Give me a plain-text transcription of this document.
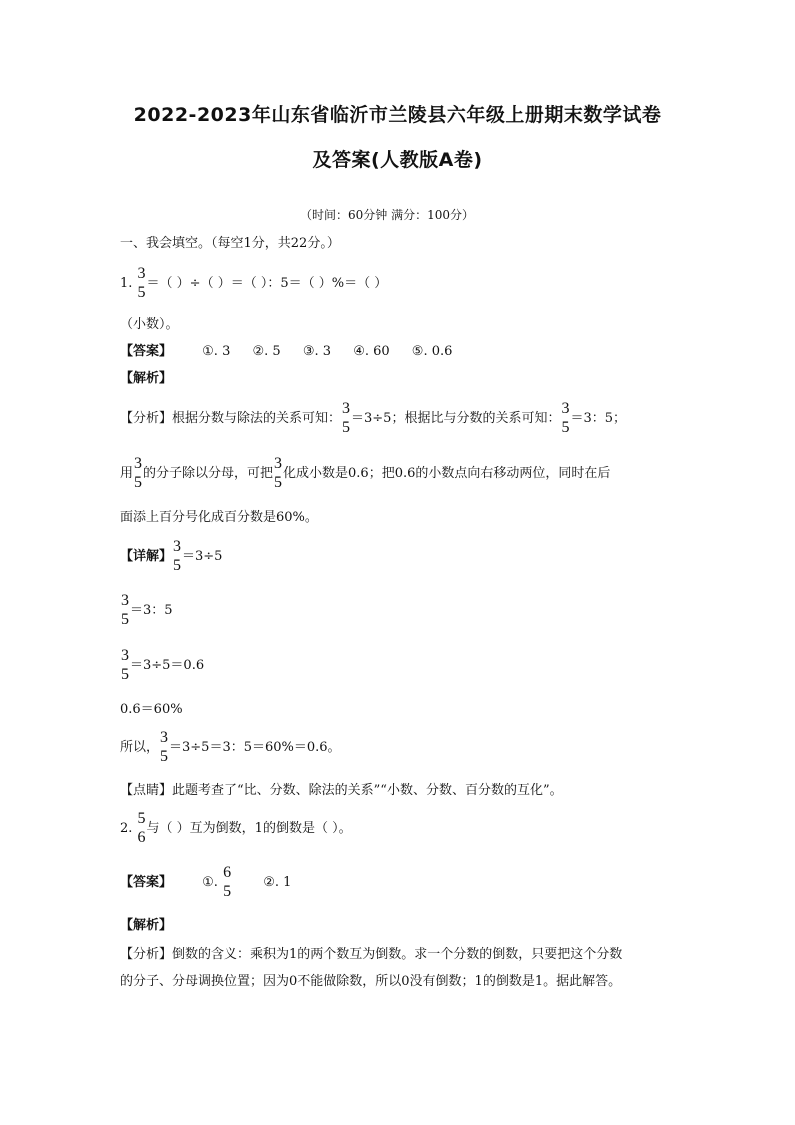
2022-2023年山东省临沂市兰陵县六年级上册期末数学试卷
及答案(人教版A卷)
（时间：60分钟 满分：100分）
一、我会填空。（每空1分，共22分。）
1.
3
5
＝（ ）÷（ ）＝（ ）：5＝（ ）%＝（ ）
（小数）。
【答案】 ①. 3 ②. 5 ③. 3 ④. 60 ⑤. 0.6
【解析】
【分析】根据分数与除法的关系可知：
3
5
＝3÷5；根据比与分数的关系可知：
3
5
＝3：5；
用
3
5
的分子除以分母，可把
3
5
化成小数是0.6；把0.6的小数点向右移动两位，同时在后
面添上百分号化成百分数是60%。
【详解】
3
5
＝3÷5
3
5
＝3：5
3
5
＝3÷5＝0.6
0.6＝60%
所以，
3
5
＝3÷5＝3：5＝60%＝0.6。
【点睛】此题考查了“比、分数、除法的关系”“小数、分数、百分数的互化”。
2.
5
6
与（ ）互为倒数，1的倒数是（ ）。
【答案】 ①.
6
5
②. 1
【解析】
【分析】倒数的含义：乘积为1的两个数互为倒数。求一个分数的倒数，只要把这个分数
的分子、分母调换位置；因为0不能做除数，所以0没有倒数；1的倒数是1。据此解答。
